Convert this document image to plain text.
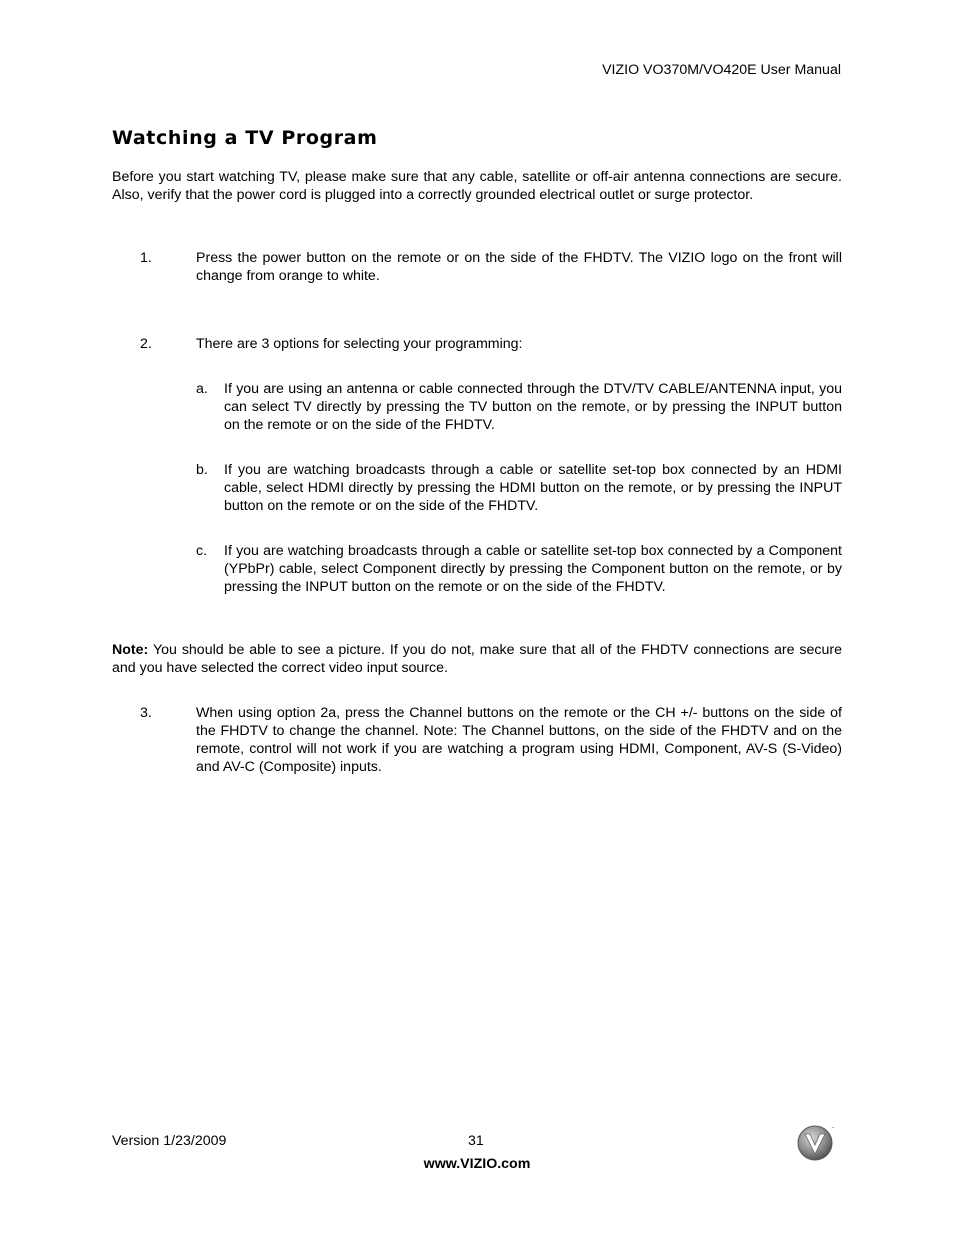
VIZIO VO370M/VO420E User Manual
Watching a TV Program
Before you start watching TV, please make sure that any cable, satellite or off-air antenna connections are secure. Also, verify that the power cord is plugged into a correctly grounded electrical outlet or surge protector.
1.	Press the power button on the remote or on the side of the FHDTV. The VIZIO logo on the front will change from orange to white.
2.	There are 3 options for selecting your programming:
a. If you are using an antenna or cable connected through the DTV/TV CABLE/ANTENNA input, you can select TV directly by pressing the TV button on the remote, or by pressing the INPUT button on the remote or on the side of the FHDTV.
b. If you are watching broadcasts through a cable or satellite set-top box connected by an HDMI cable, select HDMI directly by pressing the HDMI button on the remote, or by pressing the INPUT button on the remote or on the side of the FHDTV.
c. If you are watching broadcasts through a cable or satellite set-top box connected by a Component (YPbPr) cable, select Component directly by pressing the Component button on the remote, or by pressing the INPUT button on the remote or on the side of the FHDTV.
Note: You should be able to see a picture. If you do not, make sure that all of the FHDTV connections are secure and you have selected the correct video input source.
3.	When using option 2a, press the Channel buttons on the remote or the CH +/- buttons on the side of the FHDTV to change the channel. Note: The Channel buttons, on the side of the FHDTV and on the remote, control will not work if you are watching a program using HDMI, Component, AV-S (S-Video) and AV-C (Composite) inputs.
Version 1/23/2009	31
www.VIZIO.com
™
